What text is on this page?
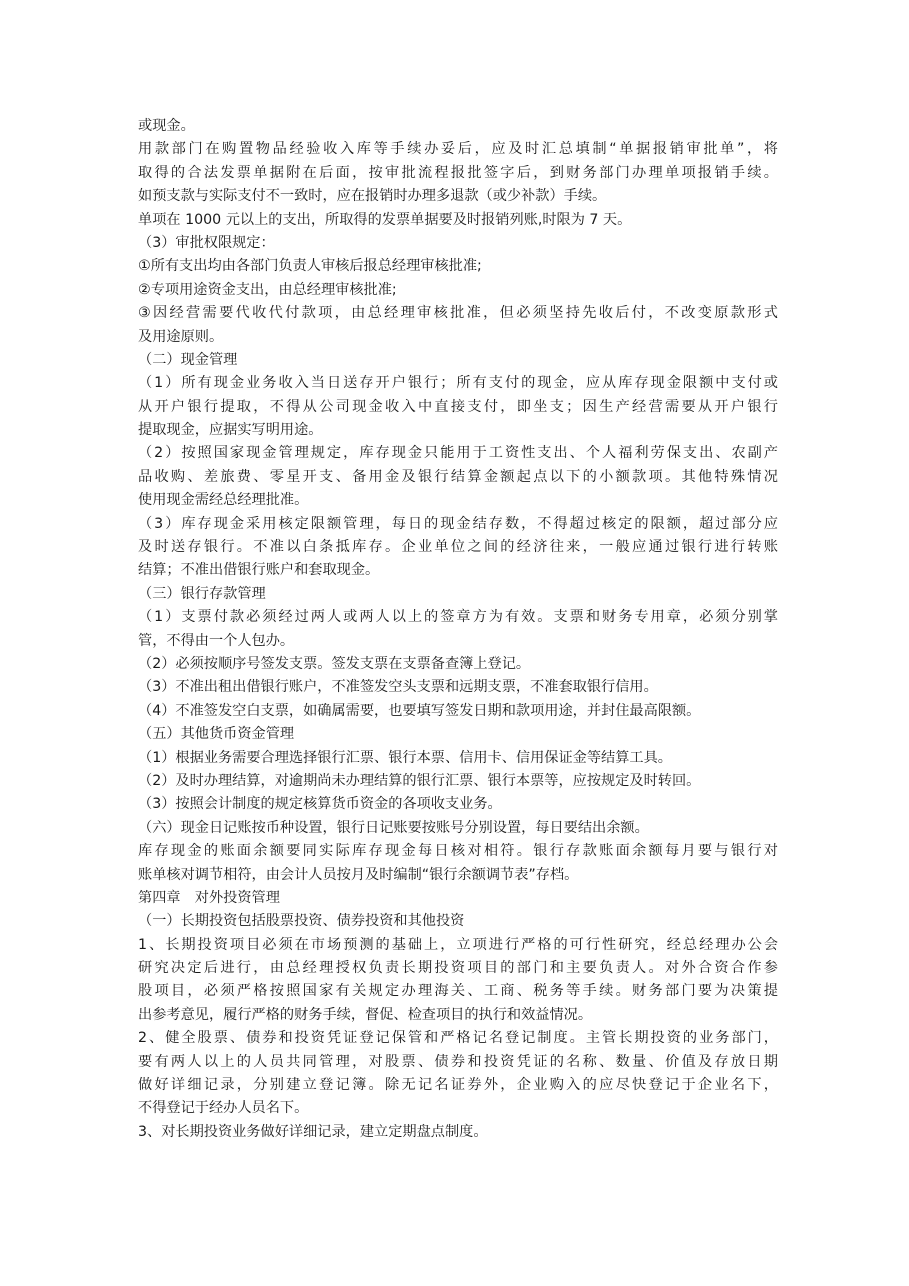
或现金。
用款部门在购置物品经验收入库等手续办妥后，应及时汇总填制“单据报销审批单”，将
取得的合法发票单据附在后面，按审批流程报批签字后，到财务部门办理单项报销手续。
如预支款与实际支付不一致时，应在报销时办理多退款（或少补款）手续。
单项在 1000 元以上的支出，所取得的发票单据要及时报销列账,时限为 7 天。
（3）审批权限规定：
①所有支出均由各部门负责人审核后报总经理审核批准;
②专项用途资金支出，由总经理审核批准;
③因经营需要代收代付款项，由总经理审核批准，但必须坚持先收后付，不改变原款形式
及用途原则。
（二）现金管理
（1）所有现金业务收入当日送存开户银行；所有支付的现金，应从库存现金限额中支付或
从开户银行提取，不得从公司现金收入中直接支付，即坐支；因生产经营需要从开户银行
提取现金，应据实写明用途。
（2）按照国家现金管理规定，库存现金只能用于工资性支出、个人福利劳保支出、农副产
品收购、差旅费、零星开支、备用金及银行结算金额起点以下的小额款项。其他特殊情况
使用现金需经总经理批准。
（3）库存现金采用核定限额管理，每日的现金结存数，不得超过核定的限额，超过部分应
及时送存银行。不准以白条抵库存。企业单位之间的经济往来，一般应通过银行进行转账
结算；不准出借银行账户和套取现金。
（三）银行存款管理
（1）支票付款必须经过两人或两人以上的签章方为有效。支票和财务专用章，必须分别掌
管，不得由一个人包办。
（2）必须按顺序号签发支票。签发支票在支票备查簿上登记。
（3）不准出租出借银行账户，不准签发空头支票和远期支票，不准套取银行信用。
（4）不准签发空白支票，如确属需要，也要填写签发日期和款项用途，并封住最高限额。
（五）其他货币资金管理
（1）根据业务需要合理选择银行汇票、银行本票、信用卡、信用保证金等结算工具。
（2）及时办理结算，对逾期尚未办理结算的银行汇票、银行本票等，应按规定及时转回。
（3）按照会计制度的规定核算货币资金的各项收支业务。
（六）现金日记账按币种设置，银行日记账要按账号分别设置，每日要结出余额。
库存现金的账面余额要同实际库存现金每日核对相符。银行存款账面余额每月要与银行对
账单核对调节相符，由会计人员按月及时编制“银行余额调节表”存档。
第四章　对外投资管理
（一）长期投资包括股票投资、债券投资和其他投资
1、长期投资项目必须在市场预测的基础上，立项进行严格的可行性研究，经总经理办公会
研究决定后进行，由总经理授权负责长期投资项目的部门和主要负责人。对外合资合作参
股项目，必须严格按照国家有关规定办理海关、工商、税务等手续。财务部门要为决策提
出参考意见，履行严格的财务手续，督促、检查项目的执行和效益情况。
2、健全股票、债券和投资凭证登记保管和严格记名登记制度。主管长期投资的业务部门，
要有两人以上的人员共同管理，对股票、债券和投资凭证的名称、数量、价值及存放日期
做好详细记录，分别建立登记簿。除无记名证券外，企业购入的应尽快登记于企业名下，
不得登记于经办人员名下。
3、对长期投资业务做好详细记录，建立定期盘点制度。
